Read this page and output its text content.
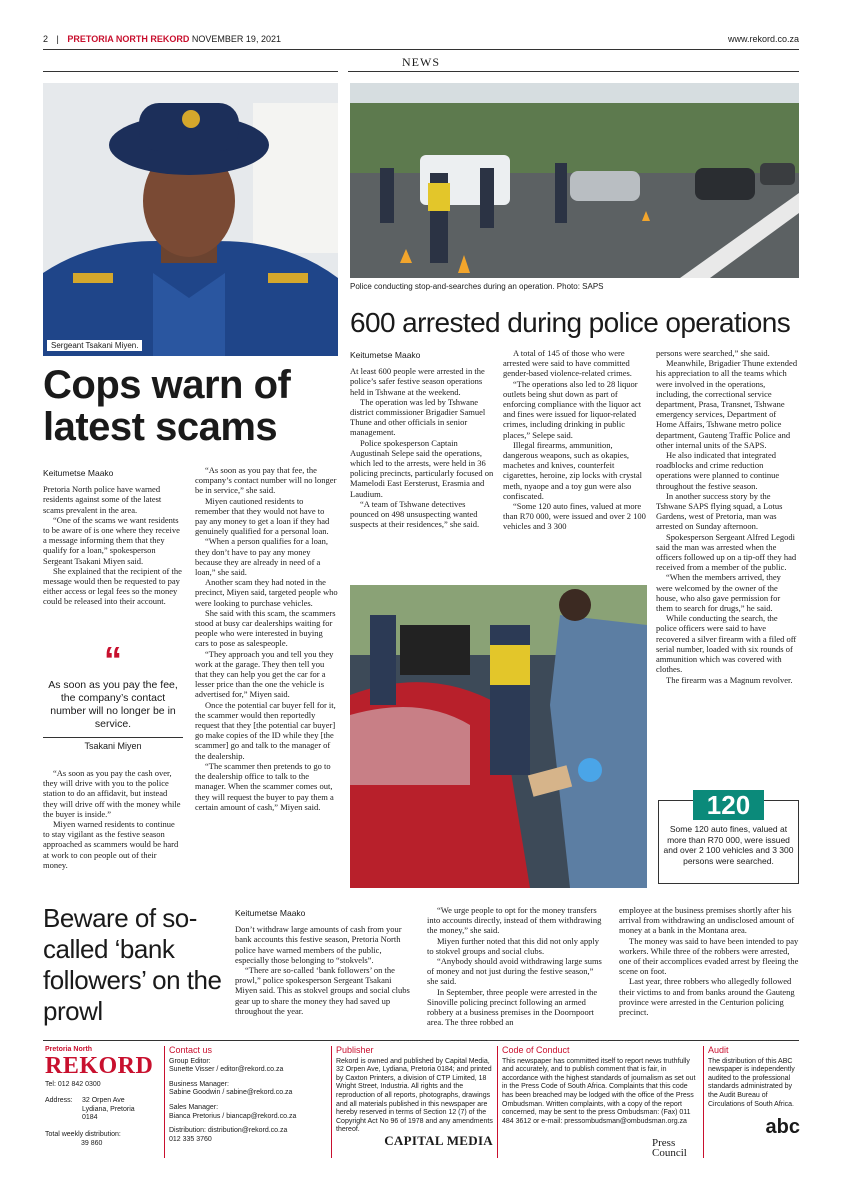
2 | PRETORIA NORTH REKORD NOVEMBER 19, 2021	www.rekord.co.za
NEWS
Sergeant Tsakani Miyen.
Police conducting stop-and-searches during an operation. Photo: SAPS
600 arrested during police operations
Cops warn of latest scams
Keitumetse Maako

Pretoria North police have warned residents against some of the latest scams prevalent in the area.

“One of the scams we want residents to be aware of is one where they receive a message informing them that they qualify for a loan,” spokesperson Sergeant Tsakani Miyen said.

She explained that the recipient of the message would then be requested to pay either access or legal fees so the money could be released into their account.

“
As soon as you pay the fee, the company’s contact number will no longer be in service.
Tsakani Miyen

“As soon as you pay the cash over, they will drive with you to the police station to do an affidavit, but instead they will drive off with the money while the buyer is inside.”

Miyen warned residents to continue to stay vigilant as the festive season approached as scammers would be hard at work to con people out of their money.

“As soon as you pay that fee, the company’s contact number will no longer be in service,” she said.

Miyen cautioned residents to remember that they would not have to pay any money to get a loan if they had genuinely qualified for a personal loan.

“When a person qualifies for a loan, they don’t have to pay any money because they are already in need of a loan,” she said.

Another scam they had noted in the precinct, Miyen said, targeted people who were looking to purchase vehicles.

She said with this scam, the scammers stood at busy car dealerships waiting for people who were interested in buying cars to pose as salespeople.

“They approach you and tell you they work at the garage. They then tell you that they can help you get the car for a lesser price than the one the vehicle is advertised for,” Miyen said.

Once the potential car buyer fell for it, the scammer would then reportedly request that they [the potential car buyer] go make copies of the ID while they [the scammer] go and talk to the manager of the dealership.

“The scammer then pretends to go to the dealership office to talk to the manager. When the scammer comes out, they will request the buyer to pay them a certain amount of cash,” Miyen said.

Keitumetse Maako

At least 600 people were arrested in the police’s safer festive season operations held in Tshwane at the weekend.

The operation was led by Tshwane district commissioner Brigadier Samuel Thune and other officials in senior management.

Police spokesperson Captain Augustinah Selepe said the operations, which led to the arrests, were held in 36 policing precincts, particularly focused on Mamelodi East Eersterust, Erasmia and Laudium.

“A team of Tshwane detectives pounced on 498 unsuspecting wanted suspects at their residences,” she said.

A total of 145 of those who were arrested were said to have committed gender-based violence-related crimes.

“The operations also led to 28 liquor outlets being shut down as part of enforcing compliance with the liquor act and fines were issued for liquor-related crimes, including drinking in public places,” Selepe said.

Illegal firearms, ammunition, dangerous weapons, such as okapies, machetes and knives, counterfeit cigarettes, heroine, zip locks with crystal meth, nyaope and a toy gun were also confiscated.

“Some 120 auto fines, valued at more than R70 000, were issued and over 2 100 vehicles and 3 300

persons were searched,” she said.

Meanwhile, Brigadier Thune extended his appreciation to all the teams which were involved in the operations, including, the correctional service department, Prasa, Transnet, Tshwane emergency services, Department of Home Affairs, Tshwane metro police department, Gauteng Traffic Police and other internal units of the SAPS.

He also indicated that integrated roadblocks and crime reduction operations were planned to continue throughout the festive season.

In another success story by the Tshwane SAPS flying squad, a Lotus Gardens, west of Pretoria, man was arrested on Sunday afternoon.

Spokesperson Sergeant Alfred Legodi said the man was arrested when the officers followed up on a tip-off they had received from a member of the public.

“When the members arrived, they were welcomed by the owner of the house, who also gave permission for them to search for drugs,” he said.

While conducting the search, the police officers were said to have recovered a silver firearm with a filed off serial number, loaded with six rounds of ammunition which was covered with clothes.

The firearm was a Magnum revolver.

120
Some 120 auto fines, valued at more than R70 000, were issued and over 2 100 vehicles and 3 300 persons were searched.
Beware of so-called ‘bank followers’ on the prowl
Keitumetse Maako

Don’t withdraw large amounts of cash from your bank accounts this festive season, Pretoria North police have warned members of the public, especially those belonging to “stokvels”.

“There are so-called ‘bank followers’ on the prowl,” police spokesperson Sergeant Tsakani Miyen said. This as stokvel groups and social clubs gear up to share the money they had saved up throughout the year.

“We urge people to opt for the money transfers into accounts directly, instead of them withdrawing the money,” she said.

Miyen further noted that this did not only apply to stokvel groups and social clubs.

“Anybody should avoid withdrawing large sums of money and not just during the festive season,” she said.

In September, three people were arrested in the Sinoville policing precinct following an armed robbery at a business premises in the Doornpoort area. The three robbed an

employee at the business premises shortly after his arrival from withdrawing an undisclosed amount of money at a bank in the Montana area.

The money was said to have been intended to pay workers. While three of the robbers were arrested, one of their accomplices evaded arrest by fleeing the scene on foot.

Last year, three robbers who allegedly followed their victims to and from banks around the Gauteng province were arrested in the Centurion policing precinct.

Pretoria North
REKORD
Tel: 012 842 0300
Address:	32 Orpen Ave
Lydiana, Pretoria
0184
Total weekly distribution:
39 860
Contact us
Group Editor:
Sunette Visser / editor@rekord.co.za
Business Manager:
Sabine Goodwin / sabine@rekord.co.za
Sales Manager:
Bianca Pretorius / biancap@rekord.co.za
Distribution: distribution@rekord.co.za
012 335 3760
Publisher
Rekord is owned and published by Capital Media, 32 Orpen Ave, Lydiana, Pretoria 0184; and printed by Caxton Printers, a division of CTP Limited, 18 Wright Street, Industria. All rights and the reproduction of all reports, photographs, drawings and all materials published in this newspaper are hereby reserved in terms of Section 12 (7) of the Copyright Act No 96 of 1978 and any amendments thereof.
CAPITAL MEDIA
Code of Conduct
This newspaper has committed itself to report news truthfully and accurately, and to publish comment that is fair, in accordance with the highest standards of journalism as set out in the Press Code of South Africa. Complaints that this code has been breached may be lodged with the office of the Press Ombudsman. Written complaints, with a copy of the report concerned, may be sent to the press Ombudsman: (Fax) 011 484 3612 or e-mail: pressombudsman@ombudsman.org.za
Press
Council
Audit
The distribution of this ABC newspaper is independently audited to the professional standards administrated by the Audit Bureau of Circulations of South Africa.
abc
